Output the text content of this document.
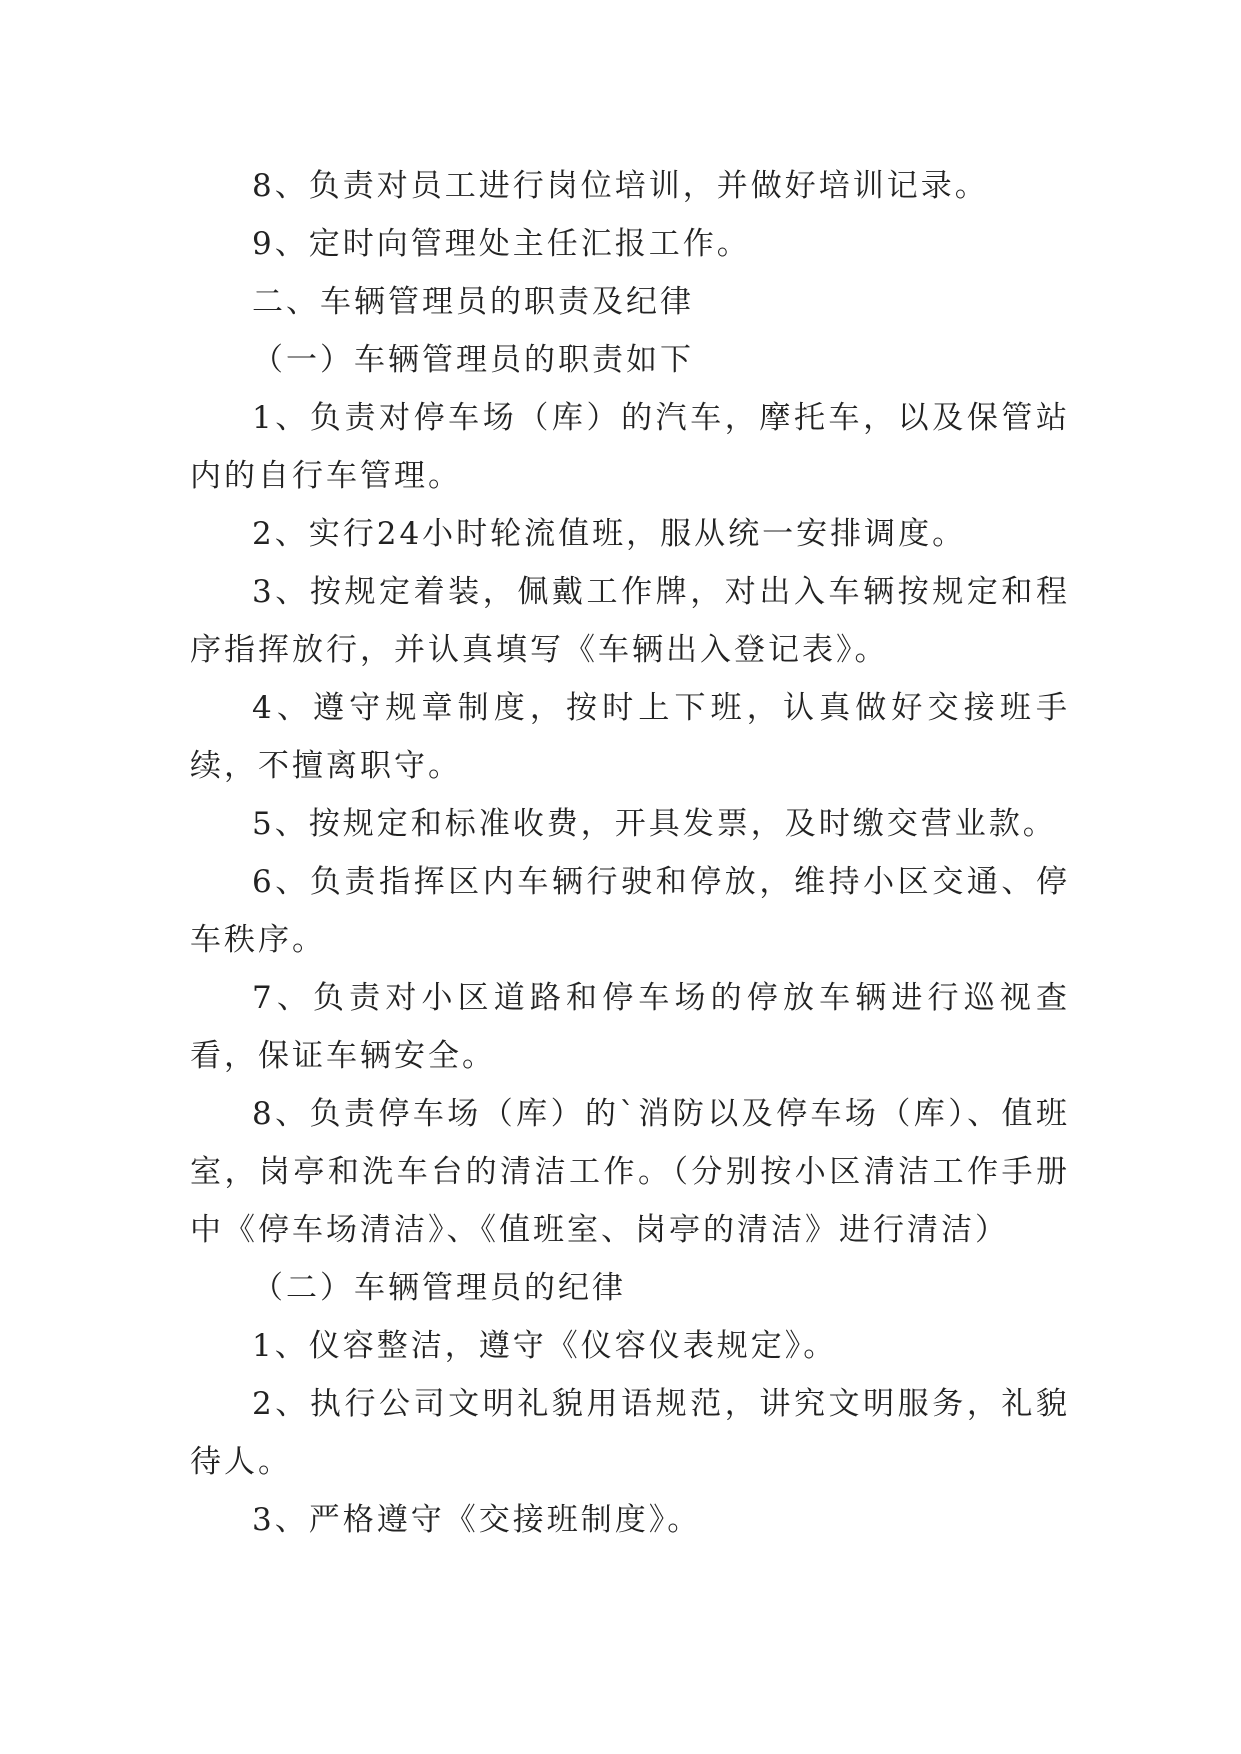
8、负责对员工进行岗位培训，并做好培训记录。

9、定时向管理处主任汇报工作。

二、车辆管理员的职责及纪律

（一）车辆管理员的职责如下

1、负责对停车场（库）的汽车，摩托车，以及保管站内的自行车管理。

2、实行24小时轮流值班，服从统一安排调度。

3、按规定着装，佩戴工作牌，对出入车辆按规定和程序指挥放行，并认真填写《车辆出入登记表》。

4、遵守规章制度，按时上下班，认真做好交接班手续，不擅离职守。

5、按规定和标准收费，开具发票，及时缴交营业款。

6、负责指挥区内车辆行驶和停放，维持小区交通、停车秩序。

7、负责对小区道路和停车场的停放车辆进行巡视查看，保证车辆安全。

8、负责停车场（库）的`消防以及停车场（库）、值班室，岗亭和洗车台的清洁工作。（分别按小区清洁工作手册中《停车场清洁》、《值班室、岗亭的清洁》进行清洁）

（二）车辆管理员的纪律

1、仪容整洁，遵守《仪容仪表规定》。

2、执行公司文明礼貌用语规范，讲究文明服务，礼貌待人。

3、严格遵守《交接班制度》。
